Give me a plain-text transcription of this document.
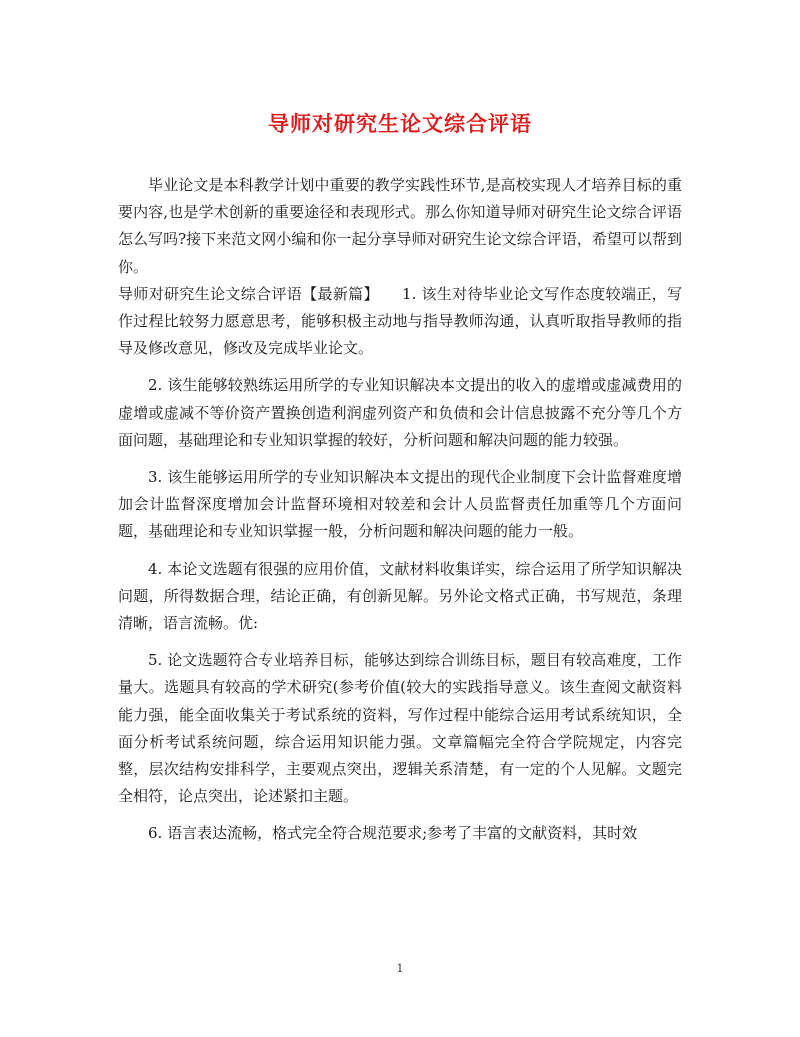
导师对研究生论文综合评语

毕业论文是本科教学计划中重要的教学实践性环节,是高校实现人才培养目标的重要内容,也是学术创新的重要途径和表现形式。那么你知道导师对研究生论文综合评语怎么写吗?接下来范文网小编和你一起分享导师对研究生论文综合评语，希望可以帮到你。

导师对研究生论文综合评语【最新篇】　　1. 该生对待毕业论文写作态度较端正，写作过程比较努力愿意思考，能够积极主动地与指导教师沟通，认真听取指导教师的指导及修改意见，修改及完成毕业论文。

2. 该生能够较熟练运用所学的专业知识解决本文提出的收入的虚增或虚减费用的虚增或虚减不等价资产置换创造利润虚列资产和负债和会计信息披露不充分等几个方面问题，基础理论和专业知识掌握的较好，分析问题和解决问题的能力较强。

3. 该生能够运用所学的专业知识解决本文提出的现代企业制度下会计监督难度增加会计监督深度增加会计监督环境相对较差和会计人员监督责任加重等几个方面问题，基础理论和专业知识掌握一般，分析问题和解决问题的能力一般。

4. 本论文选题有很强的应用价值，文献材料收集详实，综合运用了所学知识解决问题，所得数据合理，结论正确，有创新见解。另外论文格式正确，书写规范，条理清晰，语言流畅。优:

5. 论文选题符合专业培养目标，能够达到综合训练目标，题目有较高难度，工作量大。选题具有较高的学术研究(参考价值(较大的实践指导意义。该生查阅文献资料能力强，能全面收集关于考试系统的资料，写作过程中能综合运用考试系统知识，全面分析考试系统问题，综合运用知识能力强。文章篇幅完全符合学院规定，内容完整，层次结构安排科学，主要观点突出，逻辑关系清楚，有一定的个人见解。文题完全相符，论点突出，论述紧扣主题。

6. 语言表达流畅，格式完全符合规范要求;参考了丰富的文献资料，其时效

1
